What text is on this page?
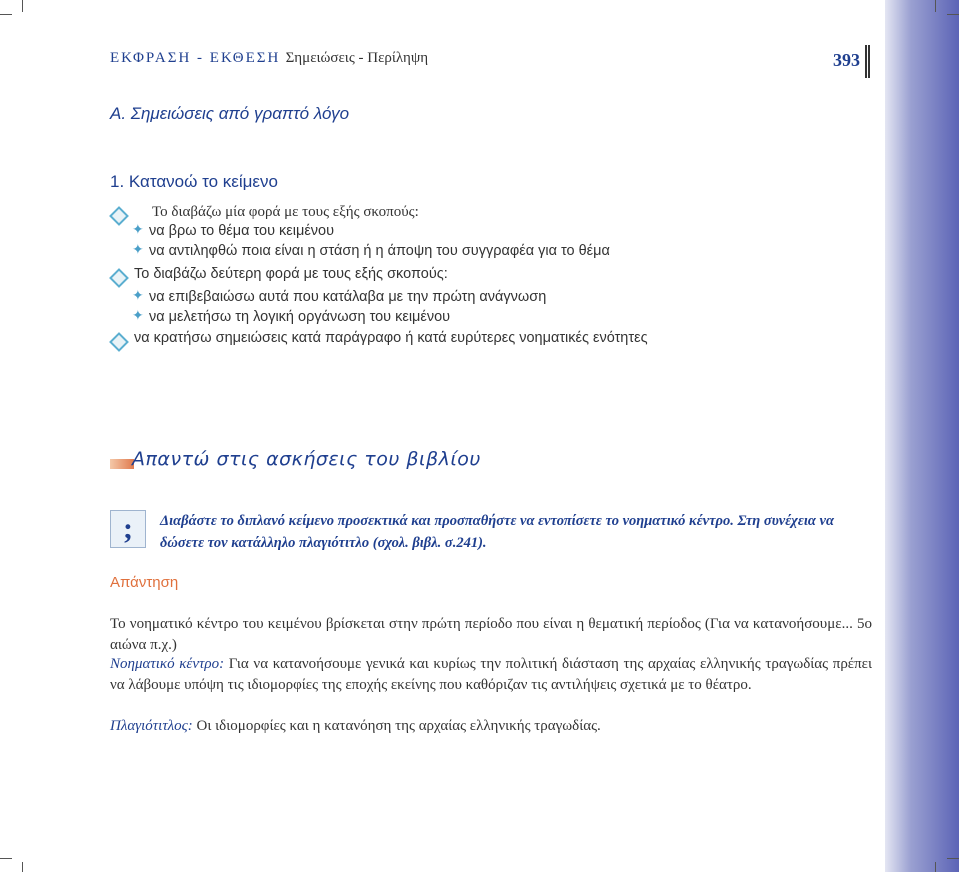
ΕΚΦΡΑΣΗ - ΕΚΘΕΣΗ Σημειώσεις - Περίληψη	393
Α. Σημειώσεις από γραπτό λόγο
1. Κατανοώ το κείμενο
Το διαβάζω μία φορά με τους εξής σκοπούς:
✦ να βρω το θέμα του κειμένου
✦ να αντιληφθώ ποια είναι η στάση ή η άποψη του συγγραφέα για το θέμα
Το διαβάζω δεύτερη φορά με τους εξής σκοπούς:
✦ να επιβεβαιώσω αυτά που κατάλαβα με την πρώτη ανάγνωση
✦ να μελετήσω τη λογική οργάνωση του κειμένου
να κρατήσω σημειώσεις κατά παράγραφο ή κατά ευρύτερες νοηματικές ενότητες
Απαντώ στις ασκήσεις του βιβλίου
;	Διαβάστε το διπλανό κείμενο προσεκτικά και προσπαθήστε να εντοπίσετε το νοηματικό κέντρο. Στη συνέχεια να δώσετε τον κατάλληλο πλαγιότιτλο (σχολ. βιβλ. σ.241).
Απάντηση
Το νοηματικό κέντρο του κειμένου βρίσκεται στην πρώτη περίοδο που είναι η θεματική περίοδος (Για να κατανοήσουμε... 5ο αιώνα π.χ.)
Νοηματικό κέντρο: Για να κατανοήσουμε γενικά και κυρίως την πολιτική διάσταση της αρχαίας ελληνικής τραγωδίας πρέπει να λάβουμε υπόψη τις ιδιομορφίες της εποχής εκείνης που καθόριζαν τις αντιλήψεις σχετικά με το θέατρο.
Πλαγιότιτλος: Οι ιδιομορφίες και η κατανόηση της αρχαίας ελληνικής τραγωδίας.
